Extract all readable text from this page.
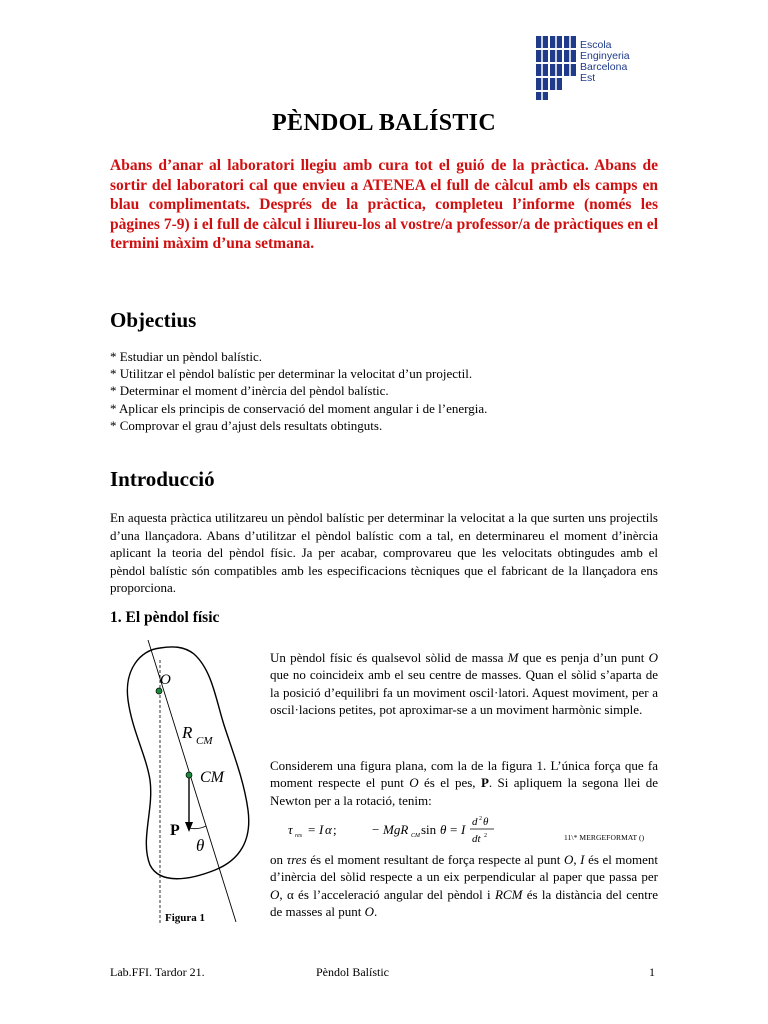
Escola
Enginyeria
Barcelona
Est
PÈNDOL BALÍSTIC
Abans d’anar al laboratori llegiu amb cura tot el guió de la pràctica. Abans de sortir del laboratori cal que envieu a ATENEA el full de càlcul amb els camps en blau complimentats. Després de la pràctica, completeu l’informe (només les pàgines 7-9) i el full de càlcul i lliureu-los al vostre/a professor/a de pràctiques en el termini màxim d’una setmana.
Objectius
* Estudiar un pèndol balístic.
* Utilitzar el pèndol balístic per determinar la velocitat d’un projectil.
* Determinar el moment d’inèrcia del pèndol balístic.
* Aplicar els principis de conservació del moment angular i de l’energia.
* Comprovar el grau d’ajust dels resultats obtinguts.
Introducció
En aquesta pràctica utilitzareu un pèndol balístic per determinar la velocitat a la que surten uns projectils d’una llançadora. Abans d’utilitzar el pèndol balístic com a tal, en determinareu el moment d’inèrcia aplicant la teoria del pèndol físic. Ja per acabar, comprovareu que les velocitats obtingudes amb el pèndol balístic són compatibles amb les especificacions tècniques que el fabricant de la llançadora ens proporciona.
1. El pèndol físic
O
R CM
CM
P
θ
Figura 1
Un pèndol físic és qualsevol sòlid de massa M que es penja d’un punt O que no coincideix amb el seu centre de masses. Quan el sòlid s’aparta de la posició d’equilibri fa un moviment oscil·latori. Aquest moviment, per a oscil·lacions petites, pot aproximar-se a un moviment harmònic simple.
Considerem una figura plana, com la de la figura 1. L’única força que fa moment respecte el punt O és el pes, P. Si apliquem la segona llei de Newton per a la rotació, tenim:
τ res = I α ;	− MgR CM sin θ = I d 2 θ
dt 2	11\* MERGEFORMAT ()
on τres és el moment resultant de força respecte al punt O, I és el moment d’inèrcia del sòlid respecte a un eix perpendicular al paper que passa per O, α és l’acceleració angular del pèndol i RCM és la distància del centre de masses al punt O.
Lab.FFI. Tardor 21.	Pèndol Balístic	1
